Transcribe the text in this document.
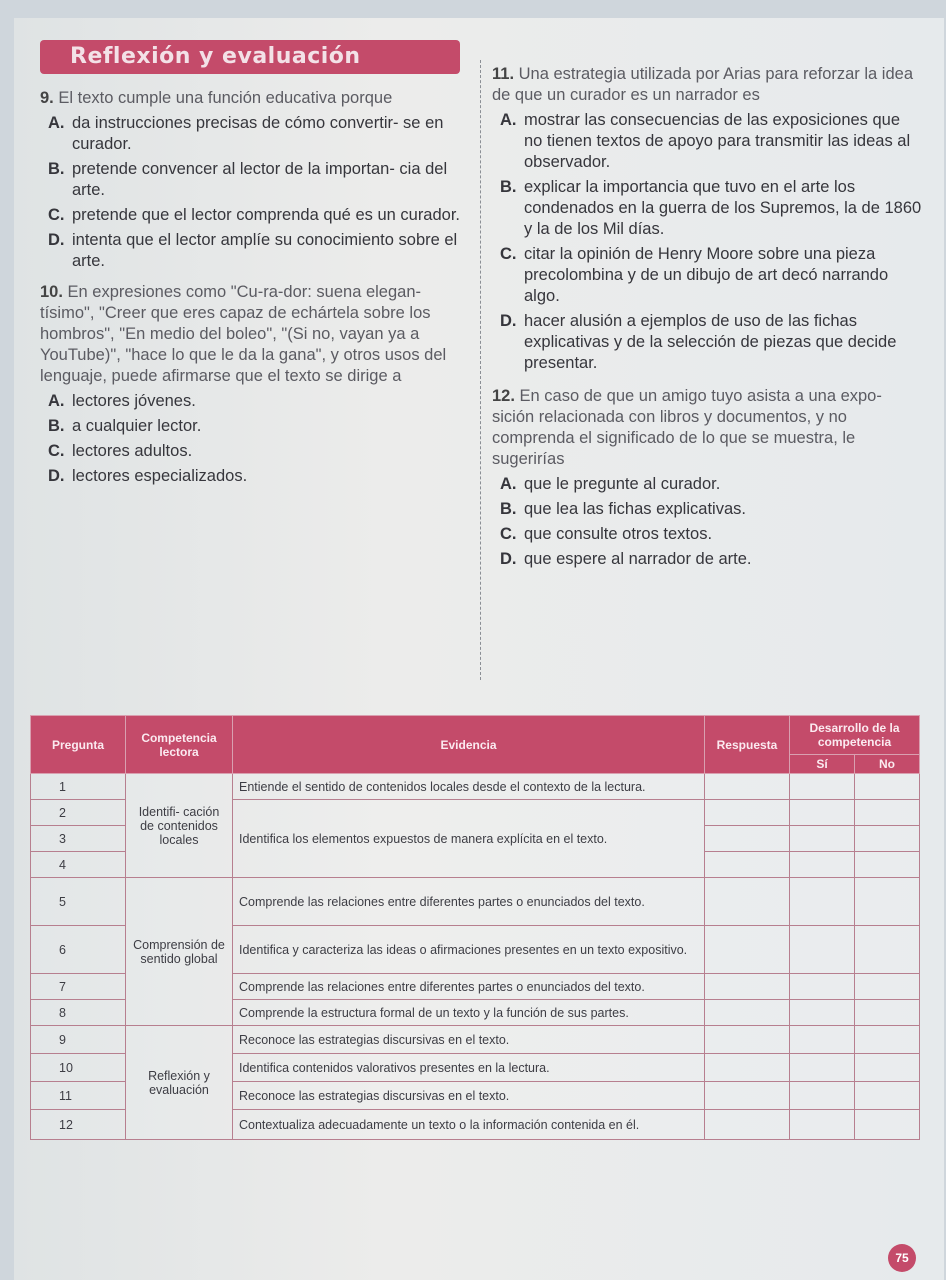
Reflexión y evaluación

9. El texto cumple una función educativa porque

A. da instrucciones precisas de cómo convertir- se en curador.

B. pretende convencer al lector de la importan- cia del arte.

C. pretende que el lector comprenda qué es un curador.

D. intenta que el lector amplíe su conocimiento sobre el arte.

10. En expresiones como "Cu-ra-dor: suena elegan- tísimo", "Creer que eres capaz de echártela sobre los hombros", "En medio del boleo", "(Si no, vayan ya a YouTube)", "hace lo que le da la gana", y otros usos del lenguaje, puede afirmarse que el texto se dirige a

A. lectores jóvenes.

B. a cualquier lector.

C. lectores adultos.

D. lectores especializados.

11. Una estrategia utilizada por Arias para reforzar la idea de que un curador es un narrador es

A. mostrar las consecuencias de las exposiciones que no tienen textos de apoyo para transmitir las ideas al observador.

B. explicar la importancia que tuvo en el arte los condenados en la guerra de los Supremos, la de 1860 y la de los Mil días.

C. citar la opinión de Henry Moore sobre una pieza precolombina y de un dibujo de art decó narrando algo.

D. hacer alusión a ejemplos de uso de las fichas explicativas y de la selección de piezas que decide presentar.

12. En caso de que un amigo tuyo asista a una expo- sición relacionada con libros y documentos, y no comprenda el significado de lo que se muestra, le sugerirías

A. que le pregunte al curador.

B. que lea las fichas explicativas.

C. que consulte otros textos.

D. que espere al narrador de arte.

Pregunta	Competencia lectora	Evidencia	Respuesta	Desarrollo de la competencia	
				Sí	No
1	Identifi- cación de contenidos locales	Entiende el sentido de contenidos locales desde el contexto de la lectura.			
2		Identifica los elementos expuestos de manera explícita en el texto.			
3					
4					
5	Comprensión de sentido global	Comprende las relaciones entre diferentes partes o enunciados del texto.			
6		Identifica y caracteriza las ideas o afirmaciones presentes en un texto expositivo.			
7		Comprende las relaciones entre diferentes partes o enunciados del texto.			
8		Comprende la estructura formal de un texto y la función de sus partes.			
9	Reflexión y evaluación	Reconoce las estrategias discursivas en el texto.			
10		Identifica contenidos valorativos presentes en la lectura.			
11		Reconoce las estrategias discursivas en el texto.			
12		Contextualiza adecuadamente un texto o la información contenida en él.			
75
